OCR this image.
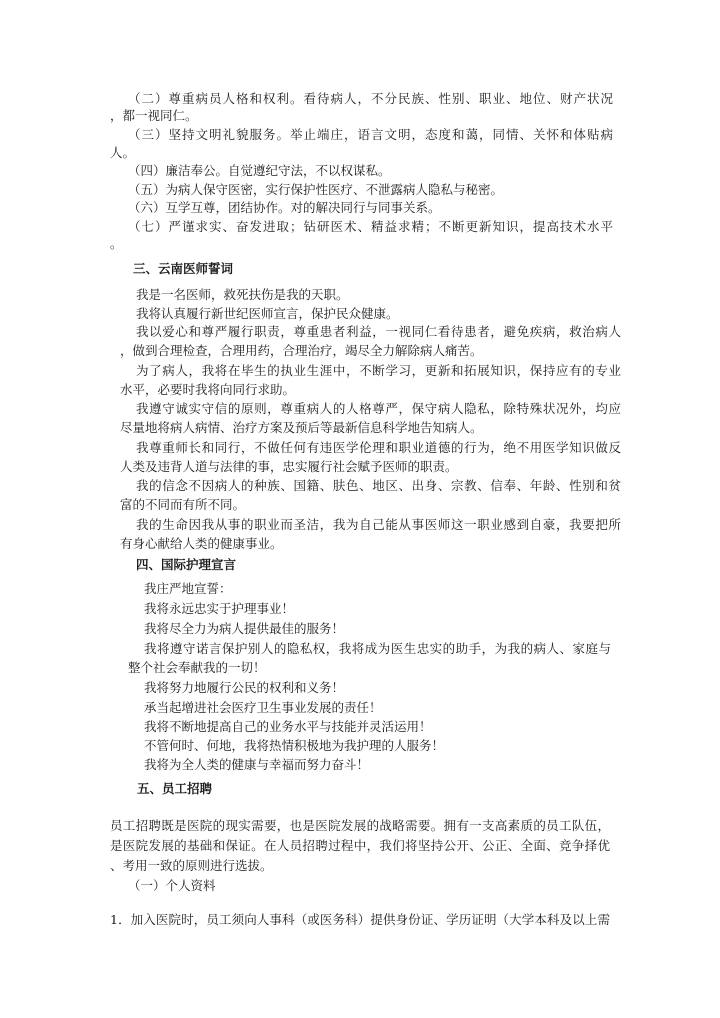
（二）尊重病员人格和权利。看待病人，不分民族、性别、职业、地位、财产状况
，都一视同仁。
（三）坚持文明礼貌服务。举止端庄，语言文明，态度和蔼，同情、关怀和体贴病
人。
（四）廉洁奉公。自觉遵纪守法，不以权谋私。
（五）为病人保守医密，实行保护性医疗、不泄露病人隐私与秘密。
（六）互学互尊，团结协作。对的解决同行与同事关系。
（七）严谨求实、奋发进取；钻研医术、精益求精；不断更新知识，提高技术水平
。
三、云南医师誓词
我是一名医师，救死扶伤是我的天职。
我将认真履行新世纪医师宣言，保护民众健康。
我以爱心和尊严履行职责，尊重患者利益，一视同仁看待患者，避免疾病，救治病人
，做到合理检查，合理用药，合理治疗，竭尽全力解除病人痛苦。
为了病人，我将在毕生的执业生涯中，不断学习，更新和拓展知识，保持应有的专业
水平，必要时我将向同行求助。
我遵守诚实守信的原则，尊重病人的人格尊严，保守病人隐私，除特殊状况外，均应
尽量地将病人病情、治疗方案及预后等最新信息科学地告知病人。
我尊重师长和同行，不做任何有违医学伦理和职业道德的行为，绝不用医学知识做反
人类及违背人道与法律的事，忠实履行社会赋予医师的职责。
我的信念不因病人的种族、国籍、肤色、地区、出身、宗教、信奉、年龄、性别和贫
富的不同而有所不同。
我的生命因我从事的职业而圣洁，我为自己能从事医师这一职业感到自豪，我要把所
有身心献给人类的健康事业。
四、国际护理宣言
我庄严地宣誓：
我将永远忠实于护理事业！
我将尽全力为病人提供最佳的服务！
我将遵守诺言保护别人的隐私权，我将成为医生忠实的助手，为我的病人、家庭与
整个社会奉献我的一切！
我将努力地履行公民的权利和义务！
承当起增进社会医疗卫生事业发展的责任！
我将不断地提高自己的业务水平与技能并灵活运用！
不管何时、何地，我将热情积极地为我护理的人服务！
我将为全人类的健康与幸福而努力奋斗！
五、员工招聘
员工招聘既是医院的现实需要，也是医院发展的战略需要。拥有一支高素质的员工队伍，
是医院发展的基础和保证。在人员招聘过程中，我们将坚持公开、公正、全面、竞争择优
、考用一致的原则进行选拔。
（一）个人资料
1．加入医院时，员工须向人事科（或医务科）提供身份证、学历证明（大学本科及以上需
